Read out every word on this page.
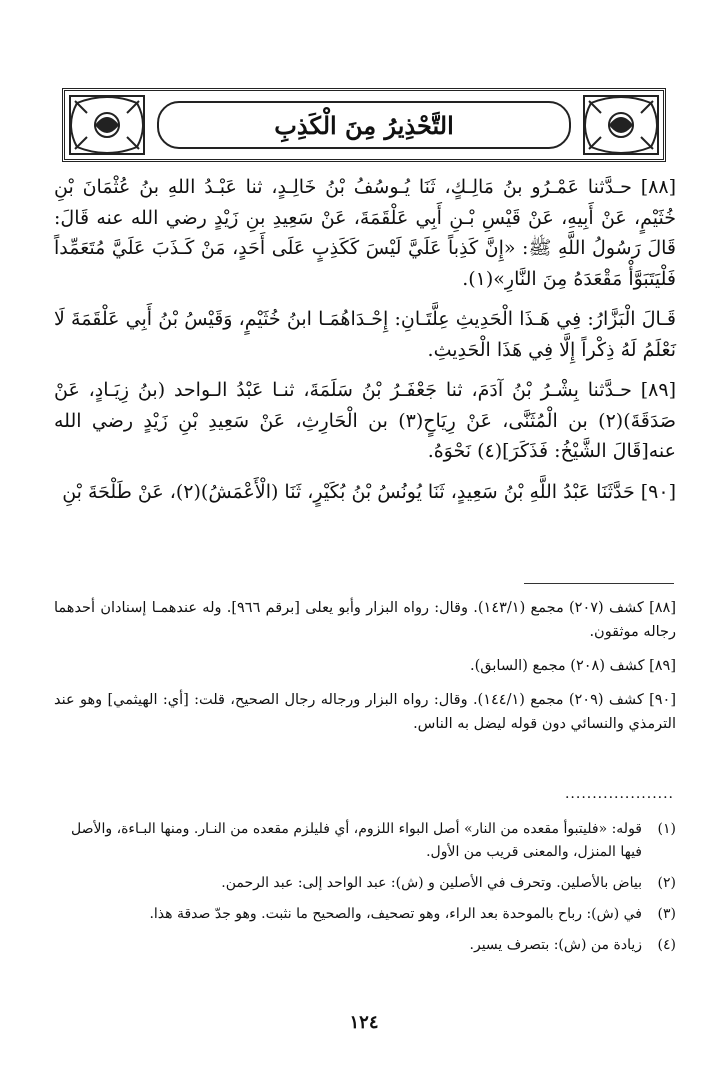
التَّحْذِيرُ مِنَ الْكَذِبِ

[٨٨] حـدَّثنا عَمْـرُو بنُ مَالِـكٍ، ثَنَا يُـوسُفُ بْنُ خَالِـدٍ، ثنا عَبْـدُ اللهِ بنُ عُثْمَانَ بْنِ خُثَيْمٍ، عَنْ أَبِيهِ، عَنْ قَيْسِ بْـنِ أَبِي عَلْقَمَةَ، عَنْ سَعِيدِ بنِ زَيْدٍ رضي الله عنه قَالَ: قَالَ رَسُولُ اللَّهِ ﷺ: «إِنَّ كَذِباً عَلَيَّ لَيْسَ كَكَذِبٍ عَلَى أَحَدٍ، مَنْ كَـذَبَ عَلَيَّ مُتَعَمِّداً فَلْيَتَبَوَّأْ مَقْعَدَهُ مِنَ النَّارِ»(١).

قَـالَ الْبَزَّارُ: فِي هَـذَا الْحَدِيثِ عِلَّتَـانِ: إِحْـدَاهُمَـا ابنُ خُثَيْمٍ، وَقَيْسُ بْنُ أَبِي عَلْقَمَةَ لَا نَعْلَمُ لَهُ ذِكْراً إِلَّا فِي هَذَا الْحَدِيثِ.

[٨٩] حـدَّثنا بِشْـرُ بْنُ آدَمَ، ثنا جَعْفَـرُ بْنُ سَلَمَةَ، ثنـا عَبْدُ الـواحد (بنُ زِيَـادٍ، عَنْ صَدَقَةَ)(٢) بن الْمُثَنَّى، عَنْ رِيَاحٍ(٣) بن الْحَارِثِ، عَنْ سَعِيدِ بْنِ زَيْدٍ رضي الله عنه[قَالَ الشَّيْخُ: فَذَكَرَ](٤) نَحْوَهُ.

[٩٠] حَدَّثَنَا عَبْدُ اللَّهِ بْنُ سَعِيدٍ، ثَنَا يُونُسُ بْنُ بُكَيْرٍ، ثَنَا (الْأَعْمَشُ)(٢)، عَنْ طَلْحَةَ بْنِ

[٨٨] كشف (٢٠٧) مجمع (١٤٣/١). وقال: رواه البزار وأبو يعلى [برقم ٩٦٦]. وله عندهمـا إسنادان أحدهما رجاله موثقون.

[٨٩] كشف (٢٠٨) مجمع (السابق).

[٩٠] كشف (٢٠٩) مجمع (١٤٤/١). وقال: رواه البزار ورجاله رجال الصحيح، قلت: [أي: الهيثمي] وهو عند الترمذي والنسائي دون قوله ليضل به الناس.

....................
(١)
قوله: «فليتبوأ مقعده من النار» أصل البواء اللزوم، أي فليلزم مقعده من النـار. ومنها البـاءة، والأصل فيها المنزل، والمعنى قريب من الأول.
(٢)
بياض بالأصلين. وتحرف في الأصلين و (ش): عبد الواحد إلى: عبد الرحمن.
(٣)
في (ش): رباح بالموحدة بعد الراء، وهو تصحيف، والصحيح ما نثبت. وهو جدّ صدقة هذا.
(٤)
زيادة من (ش): بتصرف يسير.
١٢٤
